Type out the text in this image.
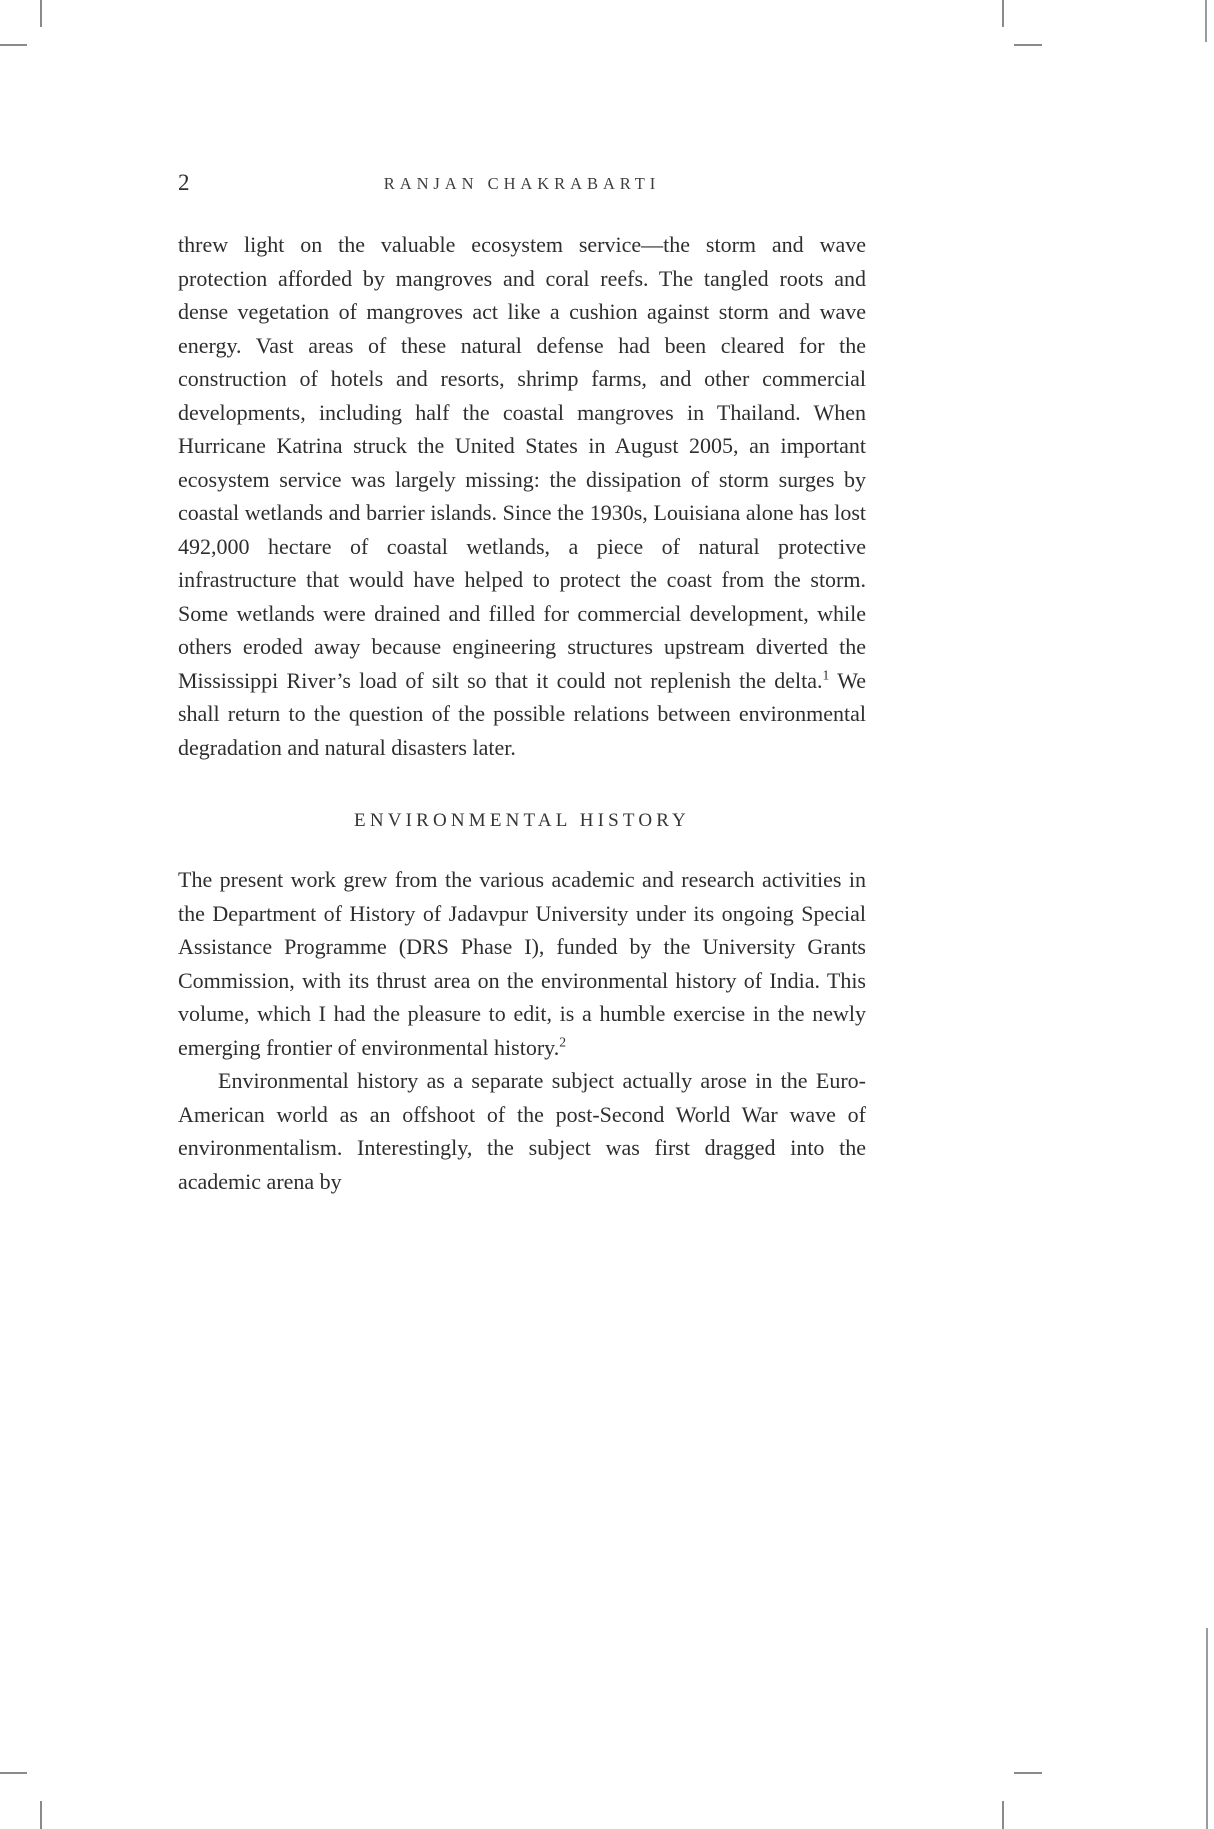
2	RANJAN CHAKRABARTI

threw light on the valuable ecosystem service—the storm and wave protection afforded by mangroves and coral reefs. The tangled roots and dense vegetation of mangroves act like a cushion against storm and wave energy. Vast areas of these natural defense had been cleared for the construction of hotels and resorts, shrimp farms, and other commercial developments, including half the coastal mangroves in Thailand. When Hurricane Katrina struck the United States in August 2005, an important ecosystem service was largely missing: the dissipation of storm surges by coastal wetlands and barrier islands. Since the 1930s, Louisiana alone has lost 492,000 hectare of coastal wetlands, a piece of natural protective infrastructure that would have helped to protect the coast from the storm. Some wetlands were drained and filled for commercial development, while others eroded away because engineering structures upstream diverted the Mississippi River’s load of silt so that it could not replenish the delta.$^1$ We shall return to the question of the possible relations between environmental degradation and natural disasters later.

ENVIRONMENTAL HISTORY

The present work grew from the various academic and research activities in the Department of History of Jadavpur University under its ongoing Special Assistance Programme (DRS Phase I), funded by the University Grants Commission, with its thrust area on the environmental history of India. This volume, which I had the pleasure to edit, is a humble exercise in the newly emerging frontier of environmental history.$^2$

Environmental history as a separate subject actually arose in the Euro-American world as an offshoot of the post-Second World War wave of environmentalism. Interestingly, the subject was first dragged into the academic arena by
